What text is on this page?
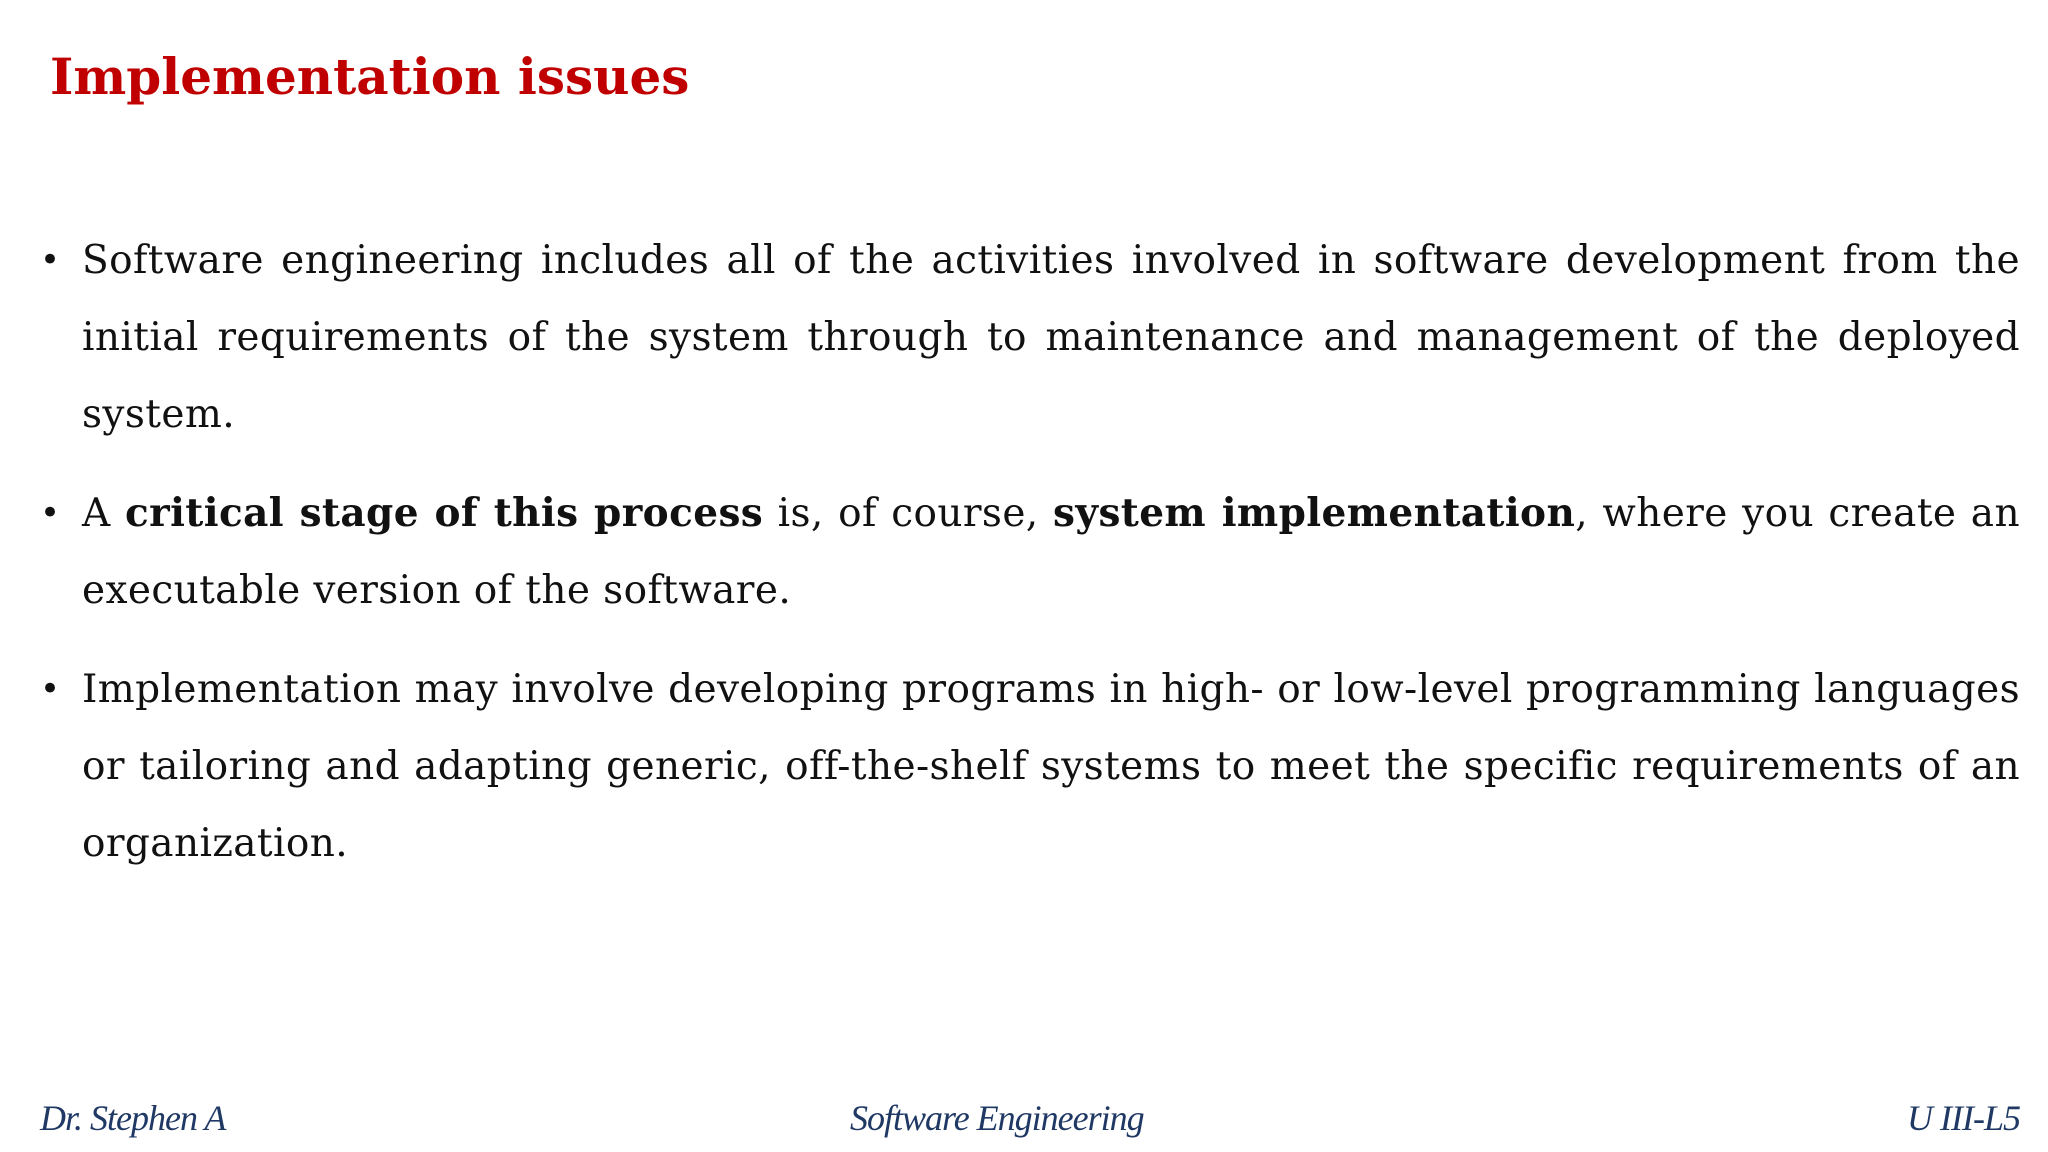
Implementation issues
• Software engineering includes all of the activities involved in software development from the initial requirements of the system through to maintenance and management of the deployed system.
• A critical stage of this process is, of course, system implementation, where you create an executable version of the software.
• Implementation may involve developing programs in high- or low-level programming languages or tailoring and adapting generic, off-the-shelf systems to meet the specific requirements of an organization.
Dr. Stephen A	Software Engineering	U III-L5
